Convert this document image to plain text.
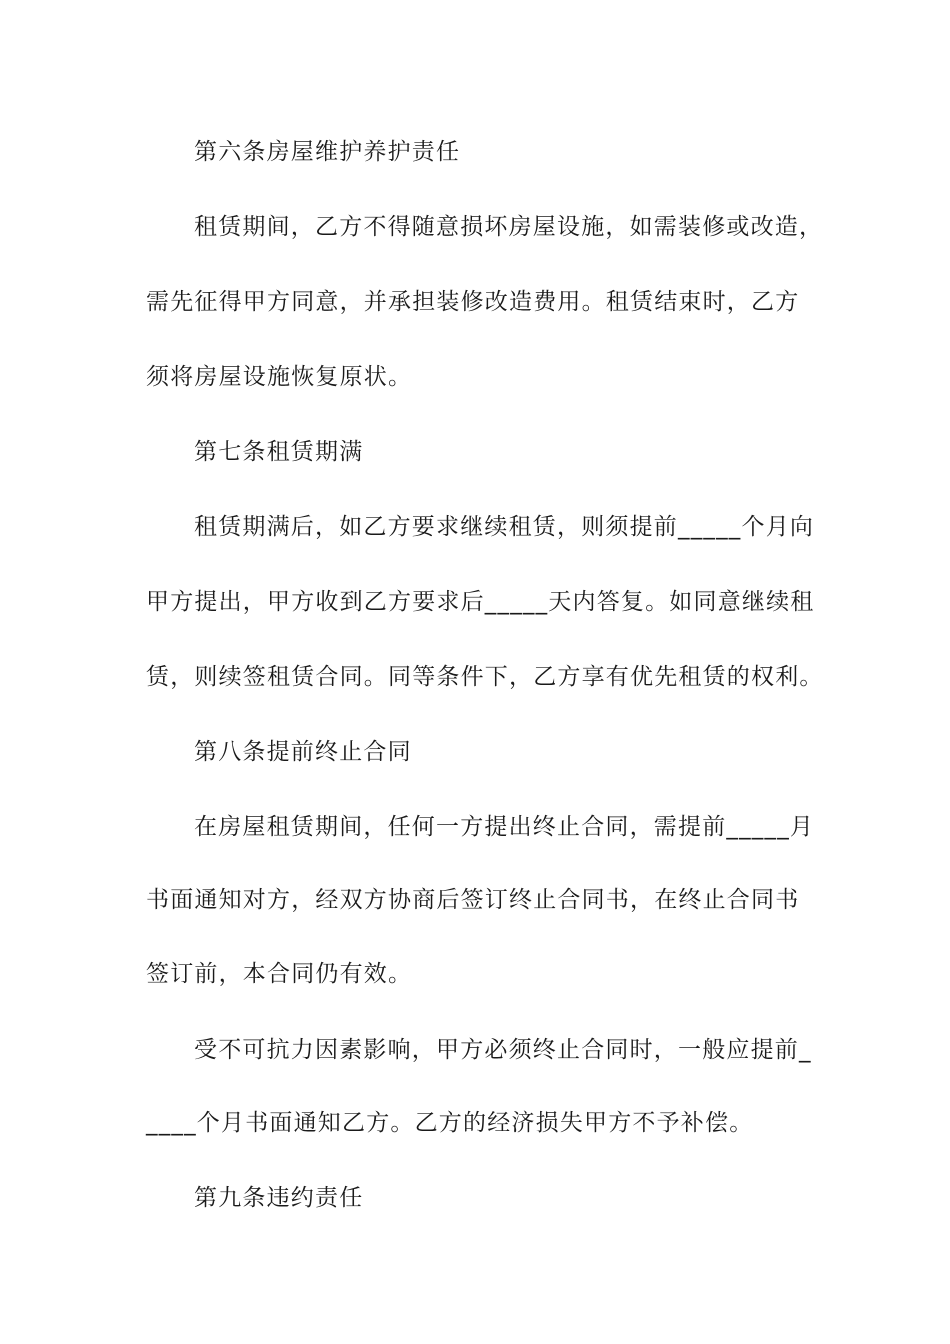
第六条房屋维护养护责任
租赁期间，乙方不得随意损坏房屋设施，如需装修或改造，
需先征得甲方同意，并承担装修改造费用。租赁结束时，乙方
须将房屋设施恢复原状。
第七条租赁期满
租赁期满后，如乙方要求继续租赁，则须提前_____个月向
甲方提出，甲方收到乙方要求后_____天内答复。如同意继续租
赁，则续签租赁合同。同等条件下，乙方享有优先租赁的权利。
第八条提前终止合同
在房屋租赁期间，任何一方提出终止合同，需提前_____月
书面通知对方，经双方协商后签订终止合同书，在终止合同书
签订前，本合同仍有效。
受不可抗力因素影响，甲方必须终止合同时，一般应提前_
____个月书面通知乙方。乙方的经济损失甲方不予补偿。
第九条违约责任
